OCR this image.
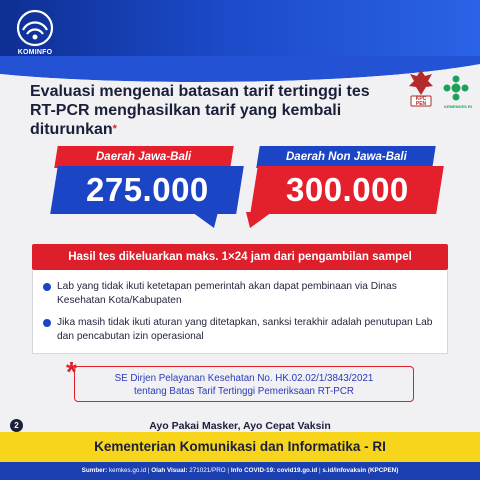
KOMINFO
KPC PEN	KEMENKES RI
Evaluasi mengenai batasan tarif tertinggi tes RT-PCR menghasilkan tarif yang kembali diturunkan*
Daerah Jawa-Bali
275.000
Daerah Non Jawa-Bali
300.000
Hasil tes dikeluarkan maks. 1×24 jam dari pengambilan sampel
Lab yang tidak ikuti ketetapan pemerintah akan dapat pembinaan via Dinas Kesehatan Kota/Kabupaten
Jika masih tidak ikuti aturan yang ditetapkan, sanksi terakhir adalah penutupan Lab dan pencabutan izin operasional
SE Dirjen Pelayanan Kesehatan No. HK.02.02/1/3843/2021
tentang Batas Tarif Tertinggi Pemeriksaan RT-PCR
*
Ayo Pakai Masker, Ayo Cepat Vaksin
2
Kementerian Komunikasi dan Informatika - RI
Sumber: kemkes.go.id | Olah Visual: 271021/PRO | Info COVID-19: covid19.go.id | s.id/infovaksin (KPCPEN)
